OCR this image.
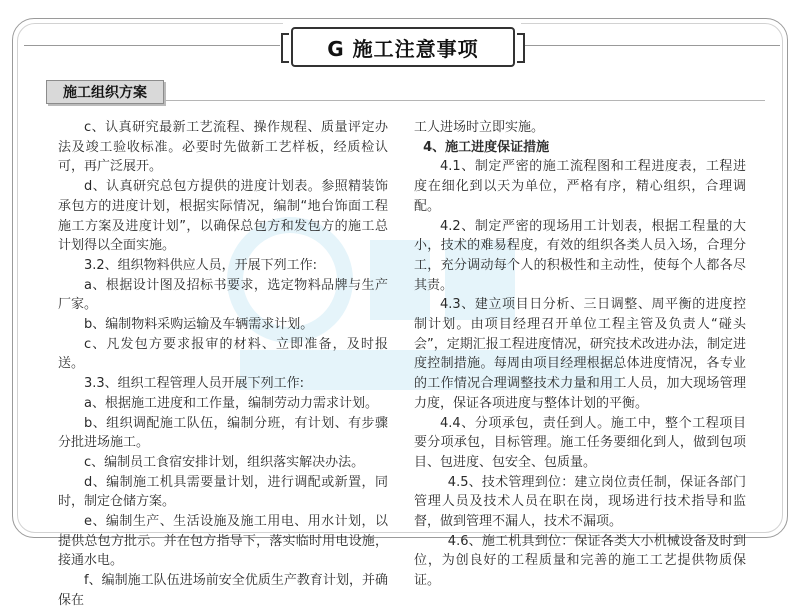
G 施工注意事项
施工组织方案

c、认真研究最新工艺流程、操作规程、质量评定办法及竣工验收标准。必要时先做新工艺样板，经质检认可，再广泛展开。

d、认真研究总包方提供的进度计划表。参照精装饰承包方的进度计划，根据实际情况，编制“地台饰面工程施工方案及进度计划”，以确保总包方和发包方的施工总计划得以全面实施。

3.2、组织物料供应人员，开展下列工作:

a、根据设计图及招标书要求，选定物料品牌与生产厂家。

b、编制物料采购运输及车辆需求计划。

c、凡发包方要求报审的材料、立即准备，及时报送。

3.3、组织工程管理人员开展下列工作:

a、根据施工进度和工作量，编制劳动力需求计划。

b、组织调配施工队伍，编制分班，有计划、有步骤分批进场施工。

c、编制员工食宿安排计划，组织落实解决办法。

d、编制施工机具需要量计划，进行调配或新置，同时，制定仓储方案。

e、编制生产、生活设施及施工用电、用水计划，以提供总包方批示。并在包方指导下，落实临时用电设施，接通水电。

f、编制施工队伍进场前安全优质生产教育计划，并确保在

工人进场时立即实施。

4、施工进度保证措施

4.1、制定严密的施工流程图和工程进度表，工程进度在细化到以天为单位，严格有序，精心组织，合理调配。

4.2、制定严密的现场用工计划表，根据工程量的大小，技术的难易程度，有效的组织各类人员入场，合理分工，充分调动每个人的积极性和主动性，使每个人都各尽其责。

4.3、建立项目日分析、三日调整、周平衡的进度控制计划。由项目经理召开单位工程主管及负责人“碰头会”，定期汇报工程进度情况，研究技术改进办法，制定进度控制措施。每周由项目经理根据总体进度情况，各专业的工作情况合理调整技术力量和用工人员，加大现场管理力度，保证各项进度与整体计划的平衡。

4.4、分项承包，责任到人。施工中，整个工程项目要分项承包，目标管理。施工任务要细化到人，做到包项目、包进度、包安全、包质量。

4.5、技术管理到位：建立岗位责任制，保证各部门管理人员及技术人员在职在岗，现场进行技术指导和监督，做到管理不漏人，技术不漏项。

4.6、施工机具到位：保证各类大小机械设备及时到位，为创良好的工程质量和完善的施工工艺提供物质保证。
